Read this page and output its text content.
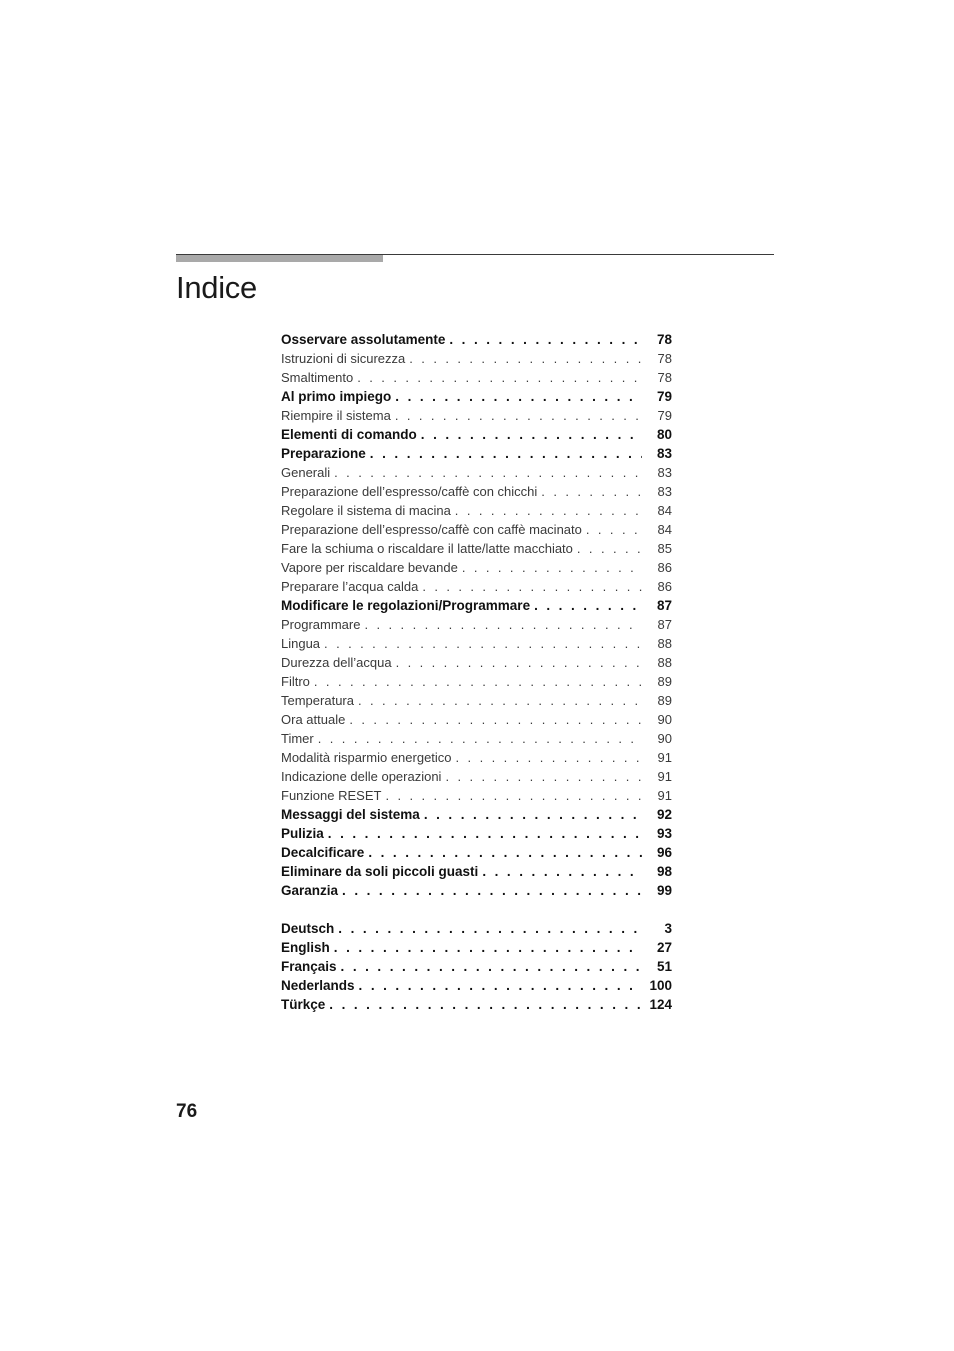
Indice
Osservare assolutamente . . .	78
Istruzioni di sicurezza . . .	78
Smaltimento . . .	78
Al primo impiego . . .	79
Riempire il sistema . . .	79
Elementi di comando . . .	80
Preparazione . . .	83
Generali . . .	83
Preparazione dell’espresso/caffè con chicchi . . .	83
Regolare il sistema di macina . . .	84
Preparazione dell’espresso/caffè con caffè macinato . . .	84
Fare la schiuma o riscaldare il latte/latte macchiato . . .	85
Vapore per riscaldare bevande . . .	86
Preparare l’acqua calda . . .	86
Modificare le regolazioni/Programmare . . .	87
Programmare . . .	87
Lingua . . .	88
Durezza dell’acqua . . .	88
Filtro . . .	89
Temperatura . . .	89
Ora attuale . . .	90
Timer . . .	90
Modalità risparmio energetico . . .	91
Indicazione delle operazioni . . .	91
Funzione RESET . . .	91
Messaggi del sistema . . .	92
Pulizia . . .	93
Decalcificare . . .	96
Eliminare da soli piccoli guasti . . .	98
Garanzia . . .	99
Deutsch . . .	3
English . . .	27
Français . . .	51
Nederlands . . .	100
Türkçe . . .	124
76
